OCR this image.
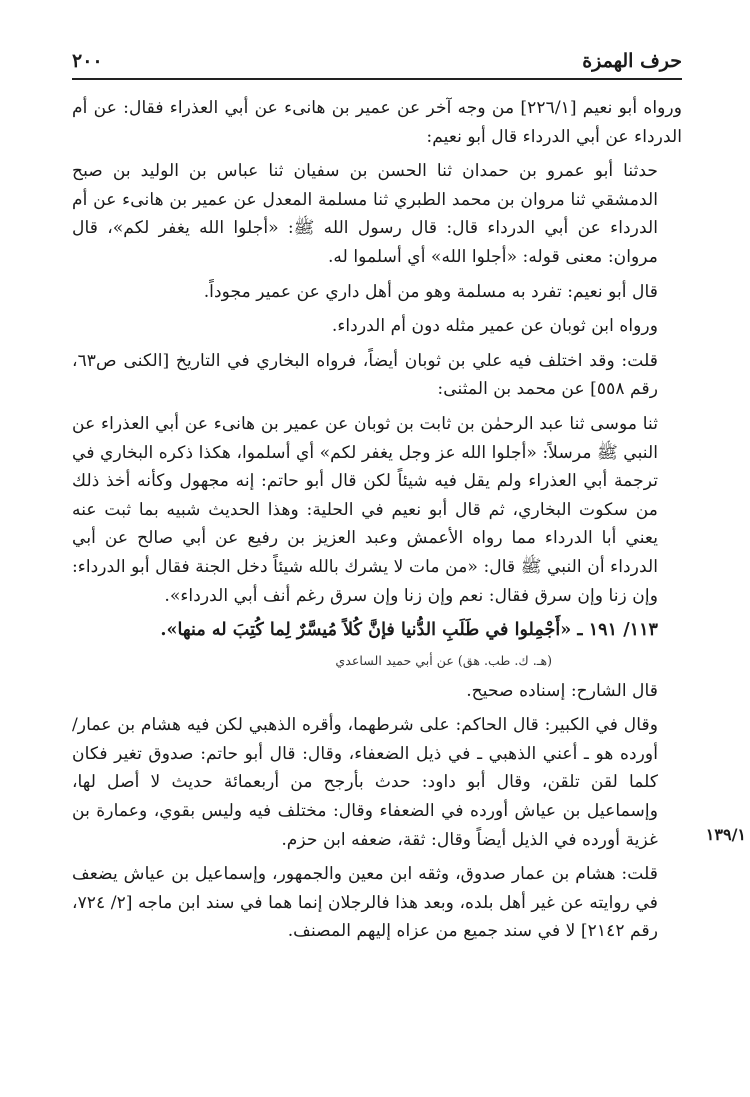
حرف الهمزة
٢٠٠
١٣٩/١

ورواه أبو نعيم [٢٢٦/١] من وجه آخر عن عمير بن هانىء عن أبي العذراء فقال: عن أم الدرداء عن أبي الدرداء قال أبو نعيم:

حدثنا أبو عمرو بن حمدان ثنا الحسن بن سفيان ثنا عباس بن الوليد بن صبح الدمشقي ثنا مروان بن محمد الطبري ثنا مسلمة المعدل عن عمير بن هانىء عن أم الدرداء عن أبي الدرداء قال: قال رسول الله ﷺ: «أجلوا الله يغفر لكم»، قال مروان: معنى قوله: «أجلوا الله» أي أسلموا له.

قال أبو نعيم: تفرد به مسلمة وهو من أهل داري عن عمير مجوداً.

ورواه ابن ثوبان عن عمير مثله دون أم الدرداء.

قلت: وقد اختلف فيه علي بن ثوبان أيضاً، فرواه البخاري في التاريخ [الكنى ص٦٣، رقم ٥٥٨] عن محمد بن المثنى:

ثنا موسى ثنا عبد الرحمٰن بن ثابت بن ثوبان عن عمير بن هانىء عن أبي العذراء عن النبي ﷺ مرسلاً: «أجلوا الله عز وجل يغفر لكم» أي أسلموا، هكذا ذكره البخاري في ترجمة أبي العذراء ولم يقل فيه شيئاً لكن قال أبو حاتم: إنه مجهول وكأنه أخذ ذلك من سكوت البخاري، ثم قال أبو نعيم في الحلية: وهذا الحديث شبيه بما ثبت عنه يعني أبا الدرداء مما رواه الأعمش وعبد العزيز بن رفيع عن أبي صالح عن أبي الدرداء أن النبي ﷺ قال: «من مات لا يشرك بالله شيئاً دخل الجنة فقال أبو الدرداء: وإن زنا وإن سرق فقال: نعم وإن زنا وإن سرق رغم أنف أبي الدرداء».

١١٣/ ١٩١ ـ «أَجْمِلوا في طَلَبِ الدُّنيا فإنَّ كُلاً مُيسَّرٌ لِما كُتِبَ له منها».

(هـ. ك. طب. هق) عن أبي حميد الساعدي

قال الشارح: إسناده صحيح.

وقال في الكبير: قال الحاكم: على شرطهما، وأقره الذهبي لكن فيه هشام بن عمار/ أورده هو ـ أعني الذهبي ـ في ذيل الضعفاء، وقال: قال أبو حاتم: صدوق تغير فكان كلما لقن تلقن، وقال أبو داود: حدث بأرجح من أربعمائة حديث لا أصل لها، وإسماعيل بن عياش أورده في الضعفاء وقال: مختلف فيه وليس بقوي، وعمارة بن غزية أورده في الذيل أيضاً وقال: ثقة، ضعفه ابن حزم.

قلت: هشام بن عمار صدوق، وثقه ابن معين والجمهور، وإسماعيل بن عياش يضعف في روايته عن غير أهل بلده، وبعد هذا فالرجلان إنما هما في سند ابن ماجه [٢/ ٧٢٤، رقم ٢١٤٢] لا في سند جميع من عزاه إليهم المصنف.
